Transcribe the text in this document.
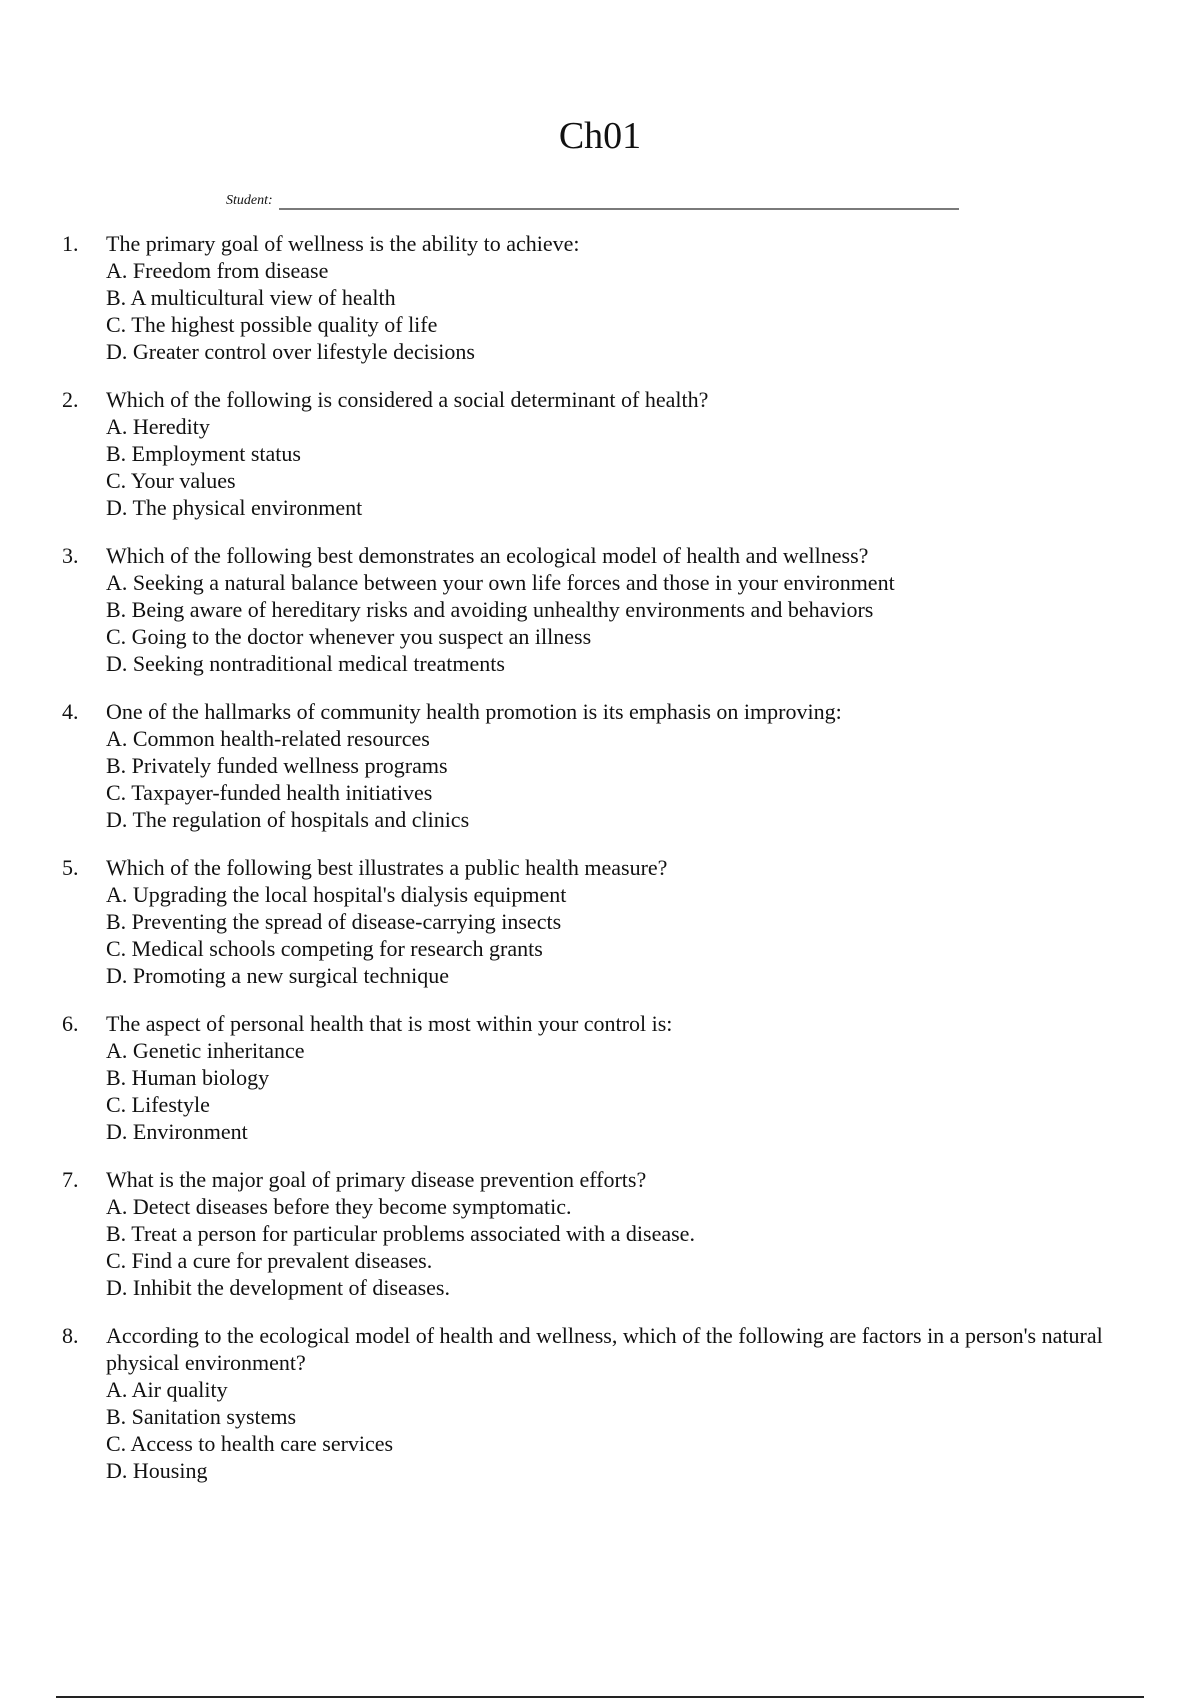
Ch01
Student:
1.	The primary goal of wellness is the ability to achieve:
A. Freedom from disease
B. A multicultural view of health
C. The highest possible quality of life
D. Greater control over lifestyle decisions
2.	Which of the following is considered a social determinant of health?
A. Heredity
B. Employment status
C. Your values
D. The physical environment
3.	Which of the following best demonstrates an ecological model of health and wellness?
A. Seeking a natural balance between your own life forces and those in your environment
B. Being aware of hereditary risks and avoiding unhealthy environments and behaviors
C. Going to the doctor whenever you suspect an illness
D. Seeking nontraditional medical treatments
4.	One of the hallmarks of community health promotion is its emphasis on improving:
A. Common health-related resources
B. Privately funded wellness programs
C. Taxpayer-funded health initiatives
D. The regulation of hospitals and clinics
5.	Which of the following best illustrates a public health measure?
A. Upgrading the local hospital's dialysis equipment
B. Preventing the spread of disease-carrying insects
C. Medical schools competing for research grants
D. Promoting a new surgical technique
6.	The aspect of personal health that is most within your control is:
A. Genetic inheritance
B. Human biology
C. Lifestyle
D. Environment
7.	What is the major goal of primary disease prevention efforts?
A. Detect diseases before they become symptomatic.
B. Treat a person for particular problems associated with a disease.
C. Find a cure for prevalent diseases.
D. Inhibit the development of diseases.
8.	According to the ecological model of health and wellness, which of the following are factors in a person's natural physical environment?
A. Air quality
B. Sanitation systems
C. Access to health care services
D. Housing
